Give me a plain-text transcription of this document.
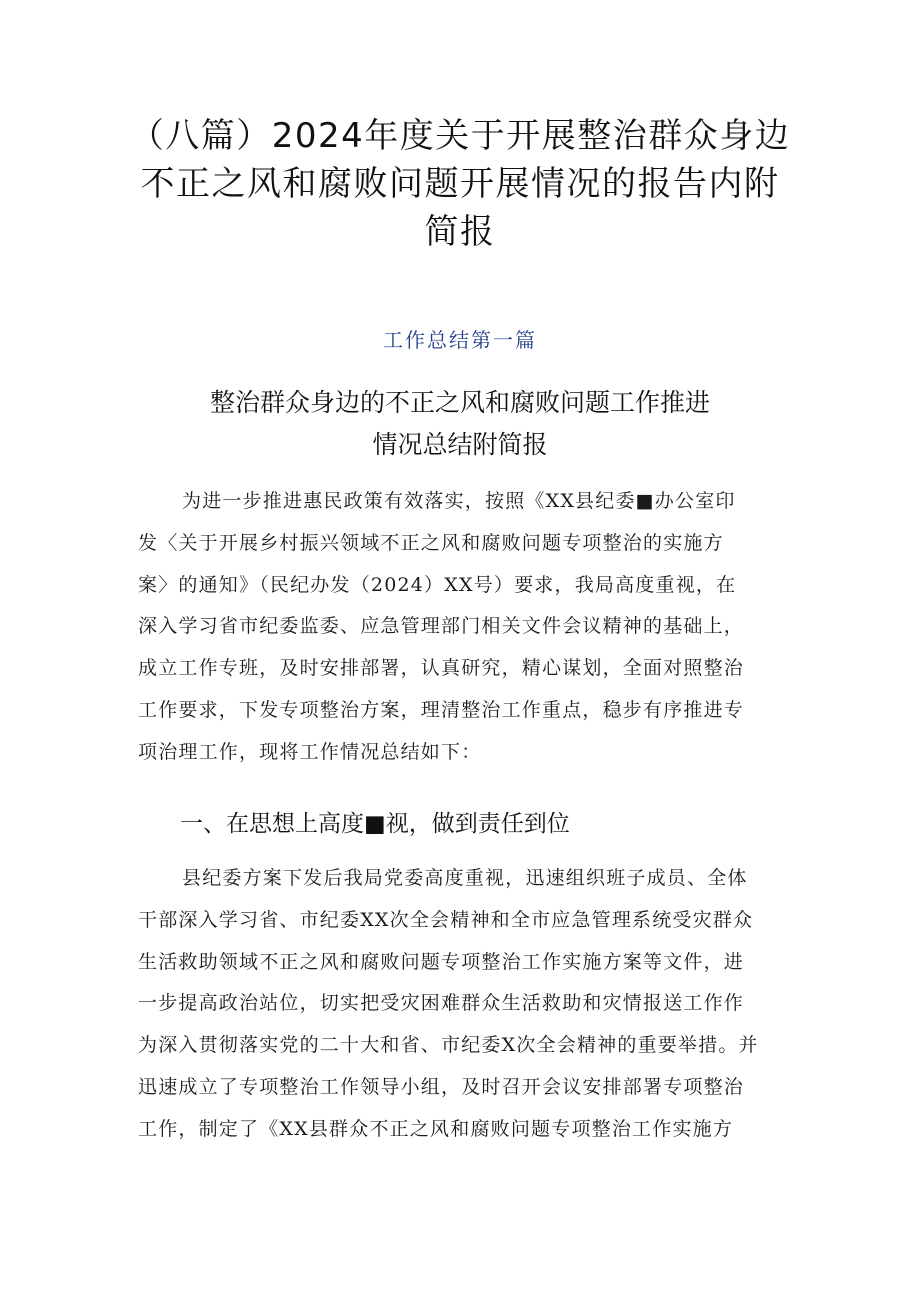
（八篇）2024年度关于开展整治群众身边
不正之风和腐败问题开展情况的报告内附
简报
工作总结第一篇
整治群众身边的不正之风和腐败问题工作推进
情况总结附简报
为进一步推进惠民政策有效落实，按照《XX县纪委■办公室印
发〈关于开展乡村振兴领域不正之风和腐败问题专项整治的实施方
案〉的通知》（民纪办发（2024）XX号）要求，我局高度重视，在
深入学习省市纪委监委、应急管理部门相关文件会议精神的基础上，
成立工作专班，及时安排部署，认真研究，精心谋划，全面对照整治
工作要求，下发专项整治方案，理清整治工作重点，稳步有序推进专
项治理工作，现将工作情况总结如下：
一、在思想上高度■视，做到责任到位
县纪委方案下发后我局党委高度重视，迅速组织班子成员、全体
干部深入学习省、市纪委XX次全会精神和全市应急管理系统受灾群众
生活救助领域不正之风和腐败问题专项整治工作实施方案等文件，进
一步提高政治站位，切实把受灾困难群众生活救助和灾情报送工作作
为深入贯彻落实党的二十大和省、市纪委X次全会精神的重要举措。并
迅速成立了专项整治工作领导小组，及时召开会议安排部署专项整治
工作，制定了《XX县群众不正之风和腐败问题专项整治工作实施方
